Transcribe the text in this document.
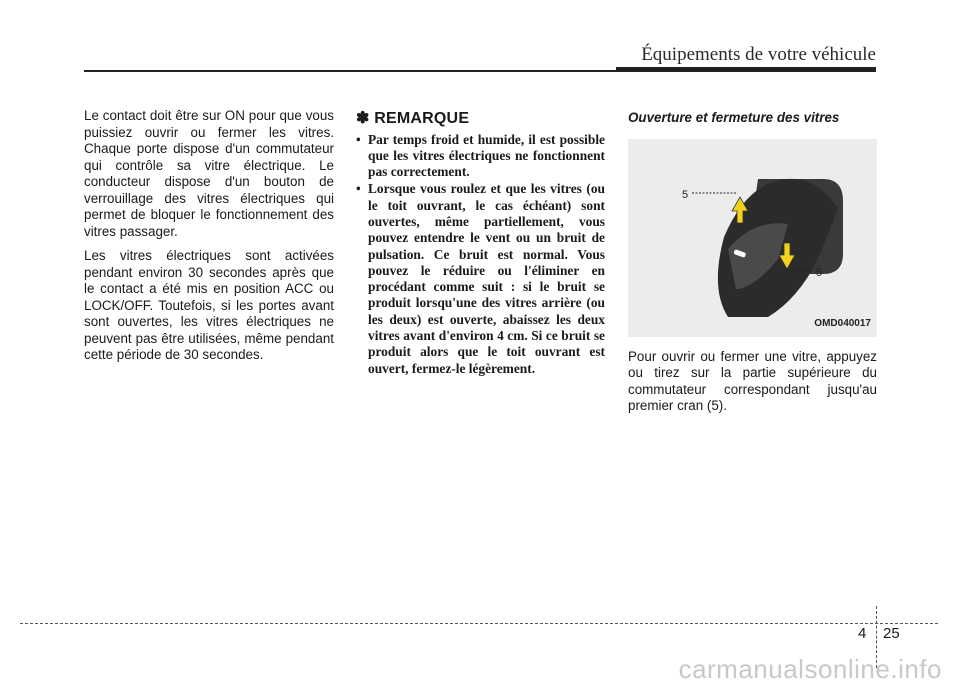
Équipements de votre véhicule

Le contact doit être sur ON pour que vous puissiez ouvrir ou fermer les vitres. Chaque porte dispose d'un commutateur qui contrôle sa vitre électrique. Le conducteur dispose d'un bouton de verrouillage des vitres électriques qui permet de bloquer le fonctionnement des vitres passager.

Les vitres électriques sont activées pendant environ 30 secondes après que le contact a été mis en position ACC ou LOCK/OFF. Toutefois, si les portes avant sont ouvertes, les vitres électriques ne peuvent pas être utilisées, même pendant cette période de 30 secondes.

✽ REMARQUE
• Par temps froid et humide, il est possible que les vitres électriques ne fonctionnent pas correctement.
• Lorsque vous roulez et que les vitres (ou le toit ouvrant, le cas échéant) sont ouvertes, même partiellement, vous pouvez entendre le vent ou un bruit de pulsation. Ce bruit est normal. Vous pouvez le réduire ou l'éliminer en procédant comme suit : si le bruit se produit lorsqu'une des vitres arrière (ou les deux) est ouverte, abaissez les deux vitres avant d'environ 4 cm. Si ce bruit se produit alors que le toit ouvrant est ouvert, fermez-le légèrement.
Ouverture et fermeture des vitres
5
5
OMD040017
Pour ouvrir ou fermer une vitre, appuyez ou tirez sur la partie supérieure du commutateur correspondant jusqu'au premier cran (5).
4 25
carmanualsonline.info
